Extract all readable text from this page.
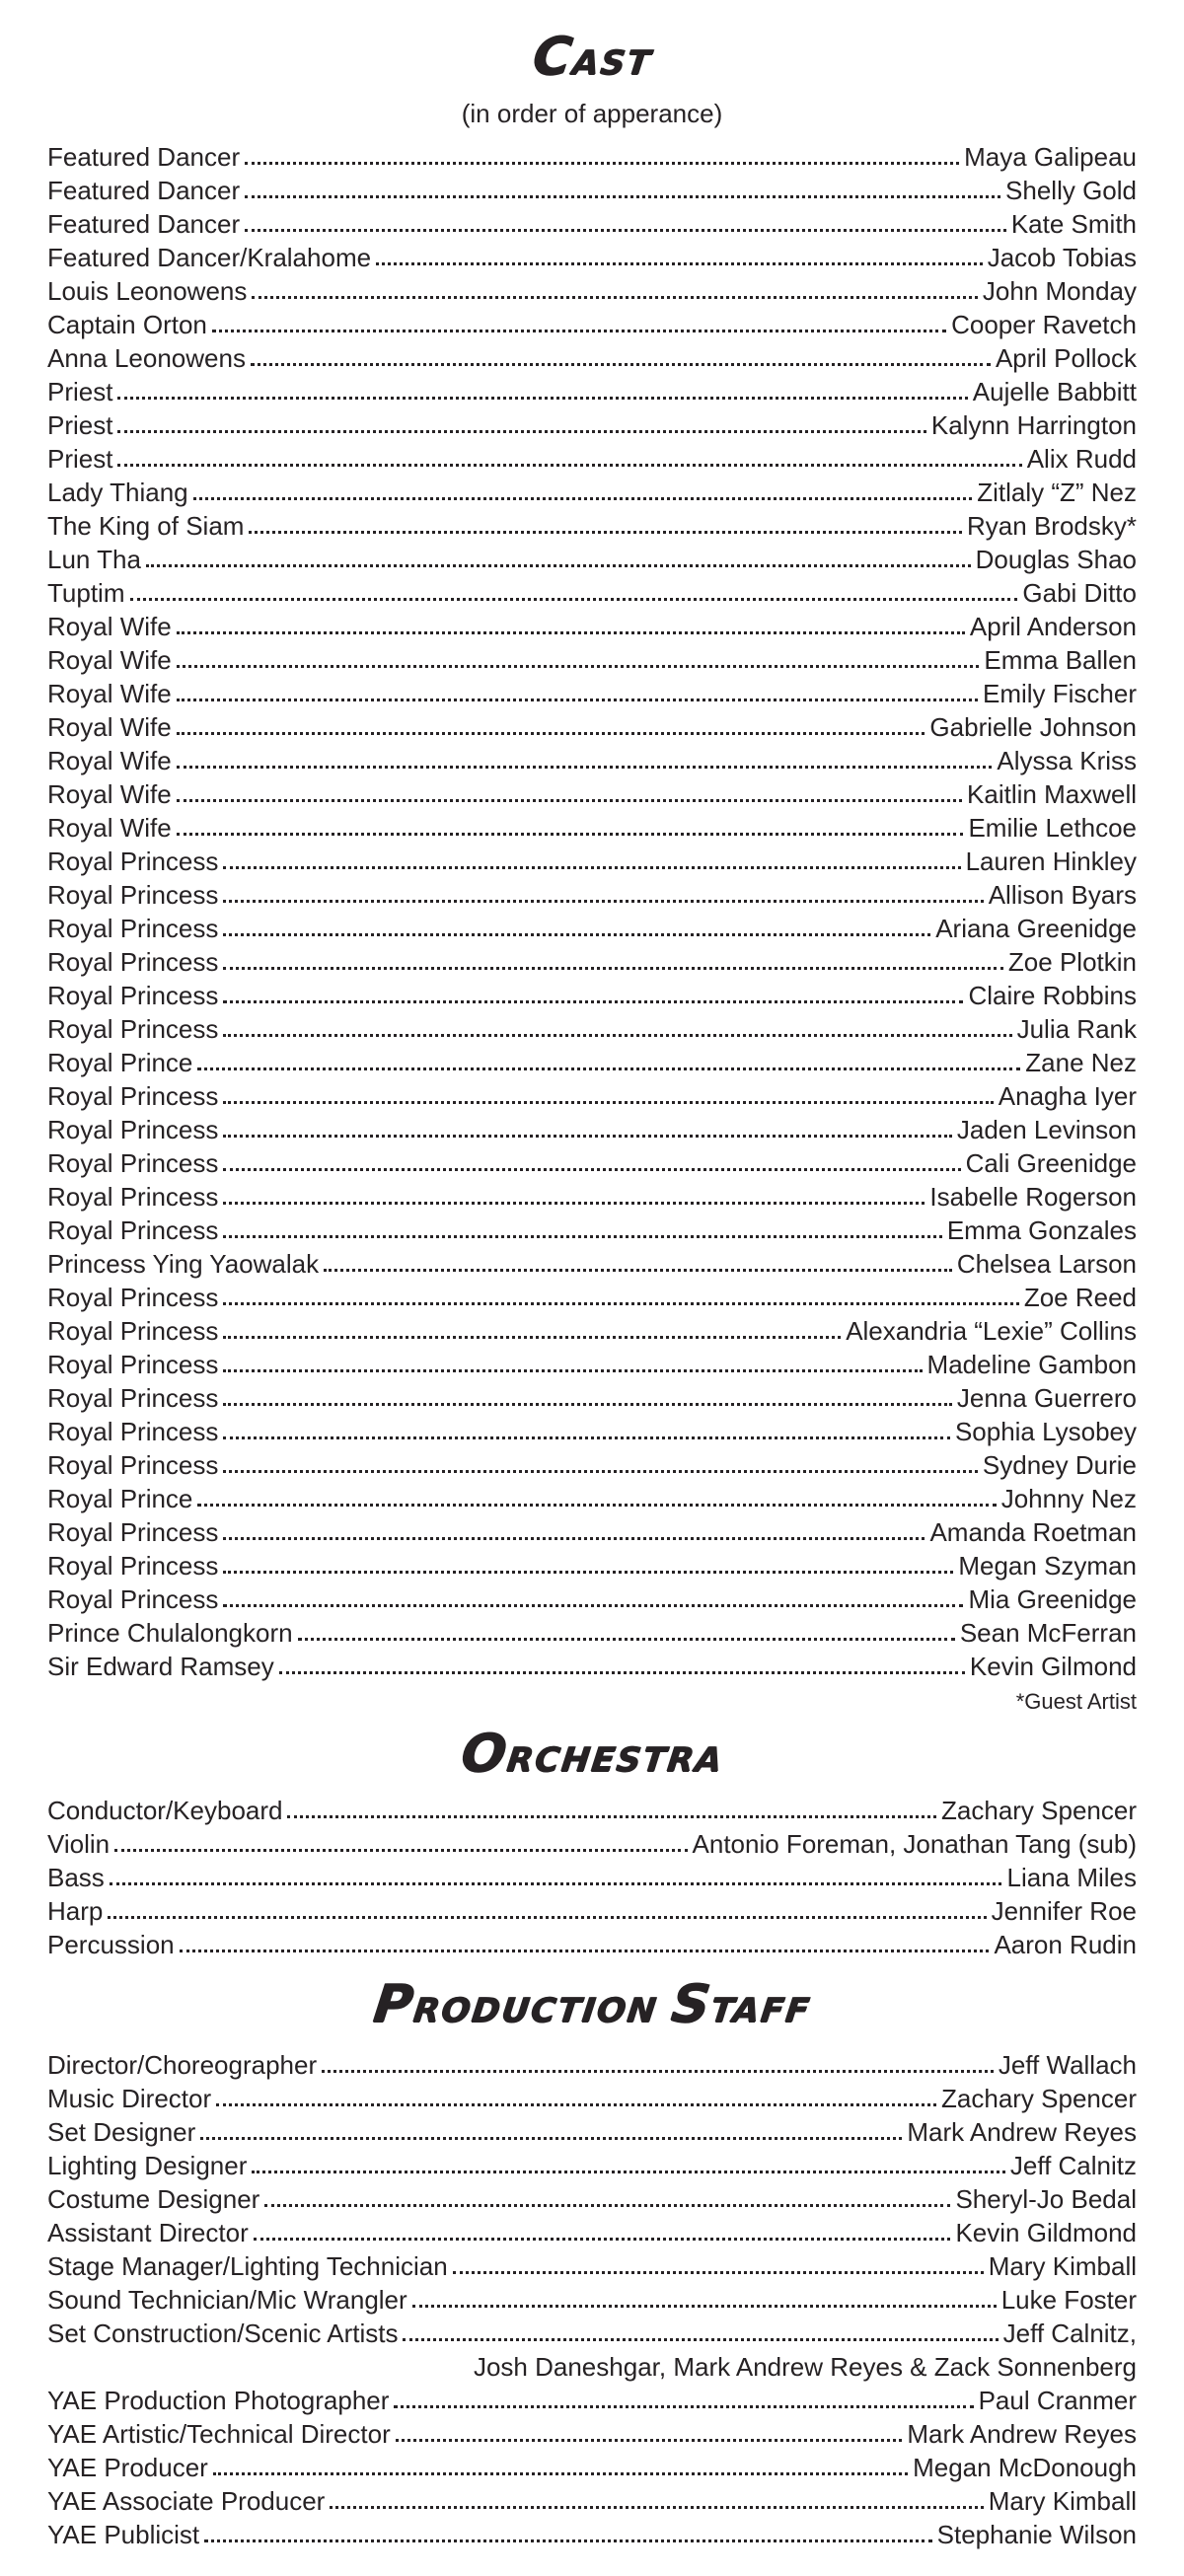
CAST
(in order of apperance)
Featured Dancer	Maya Galipeau
Featured Dancer	Shelly Gold
Featured Dancer	Kate Smith
Featured Dancer/Kralahome	Jacob Tobias
Louis Leonowens	John Monday
Captain Orton	Cooper Ravetch
Anna Leonowens	April Pollock
Priest	Aujelle Babbitt
Priest	Kalynn Harrington
Priest	Alix Rudd
Lady Thiang	Zitlaly “Z” Nez
The King of Siam	Ryan Brodsky*
Lun Tha	Douglas Shao
Tuptim	Gabi Ditto
Royal Wife	April Anderson
Royal Wife	Emma Ballen
Royal Wife	Emily Fischer
Royal Wife	Gabrielle Johnson
Royal Wife	Alyssa Kriss
Royal Wife	Kaitlin Maxwell
Royal Wife	Emilie Lethcoe
Royal Princess	Lauren Hinkley
Royal Princess	Allison Byars
Royal Princess	Ariana Greenidge
Royal Princess	Zoe Plotkin
Royal Princess	Claire Robbins
Royal Princess	Julia Rank
Royal Prince	Zane Nez
Royal Princess	Anagha Iyer
Royal Princess	Jaden Levinson
Royal Princess	Cali Greenidge
Royal Princess	Isabelle Rogerson
Royal Princess	Emma Gonzales
Princess Ying Yaowalak	Chelsea Larson
Royal Princess	Zoe Reed
Royal Princess	Alexandria “Lexie” Collins
Royal Princess	Madeline Gambon
Royal Princess	Jenna Guerrero
Royal Princess	Sophia Lysobey
Royal Princess	Sydney Durie
Royal Prince	Johnny Nez
Royal Princess	Amanda Roetman
Royal Princess	Megan Szyman
Royal Princess	Mia Greenidge
Prince Chulalongkorn	Sean McFerran
Sir Edward Ramsey	Kevin Gilmond
*Guest Artist
ORCHESTRA
Conductor/Keyboard	Zachary Spencer
Violin	Antonio Foreman, Jonathan Tang (sub)
Bass	Liana Miles
Harp	Jennifer Roe
Percussion	Aaron Rudin
PRODUCTION STAFF
Director/Choreographer	Jeff Wallach
Music Director	Zachary Spencer
Set Designer	Mark Andrew Reyes
Lighting Designer	Jeff Calnitz
Costume Designer	Sheryl-Jo Bedal
Assistant Director	Kevin Gildmond
Stage Manager/Lighting Technician	Mary Kimball
Sound Technician/Mic Wrangler	Luke Foster
Set Construction/Scenic Artists	Jeff Calnitz,
Josh Daneshgar, Mark Andrew Reyes & Zack Sonnenberg
YAE Production Photographer	Paul Cranmer
YAE Artistic/Technical Director	Mark Andrew Reyes
YAE Producer	Megan McDonough
YAE Associate Producer	Mary Kimball
YAE Publicist	Stephanie Wilson
